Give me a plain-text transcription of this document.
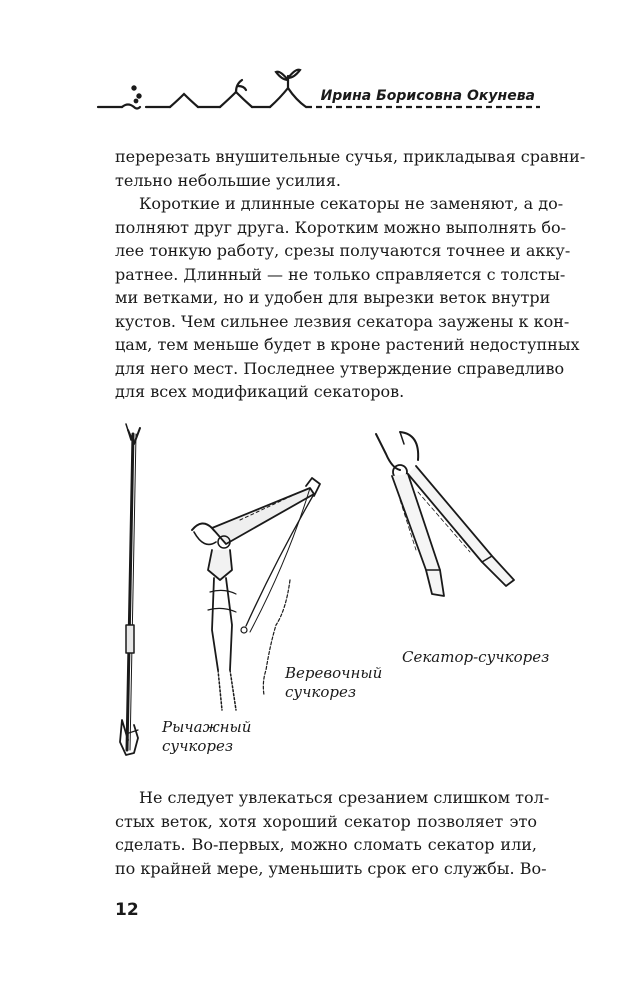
Ирина Борисовна Окунева
перерезать внушительные сучья, прикладывая сравни-
тельно небольшие усилия.
Короткие и длинные секаторы не заменяют, а до-
полняют друг друга. Коротким можно выполнять бо-
лее тонкую работу, срезы получаются точнее и акку-
ратнее. Длинный — не только справляется с толсты-
ми ветками, но и удобен для вырезки веток внутри
кустов. Чем сильнее лезвия секатора заужены к кон-
цам, тем меньше будет в кроне растений недоступных
для него мест. Последнее утверждение справедливо
для всех модификаций секаторов.
Рычажный
сучкорез
Веревочный
сучкорез
Секатор-сучкорез
Не следует увлекаться срезанием слишком тол-
стых веток, хотя хороший секатор позволяет это
сделать. Во-первых, можно сломать секатор или,
по крайней мере, уменьшить срок его службы. Во-
12
